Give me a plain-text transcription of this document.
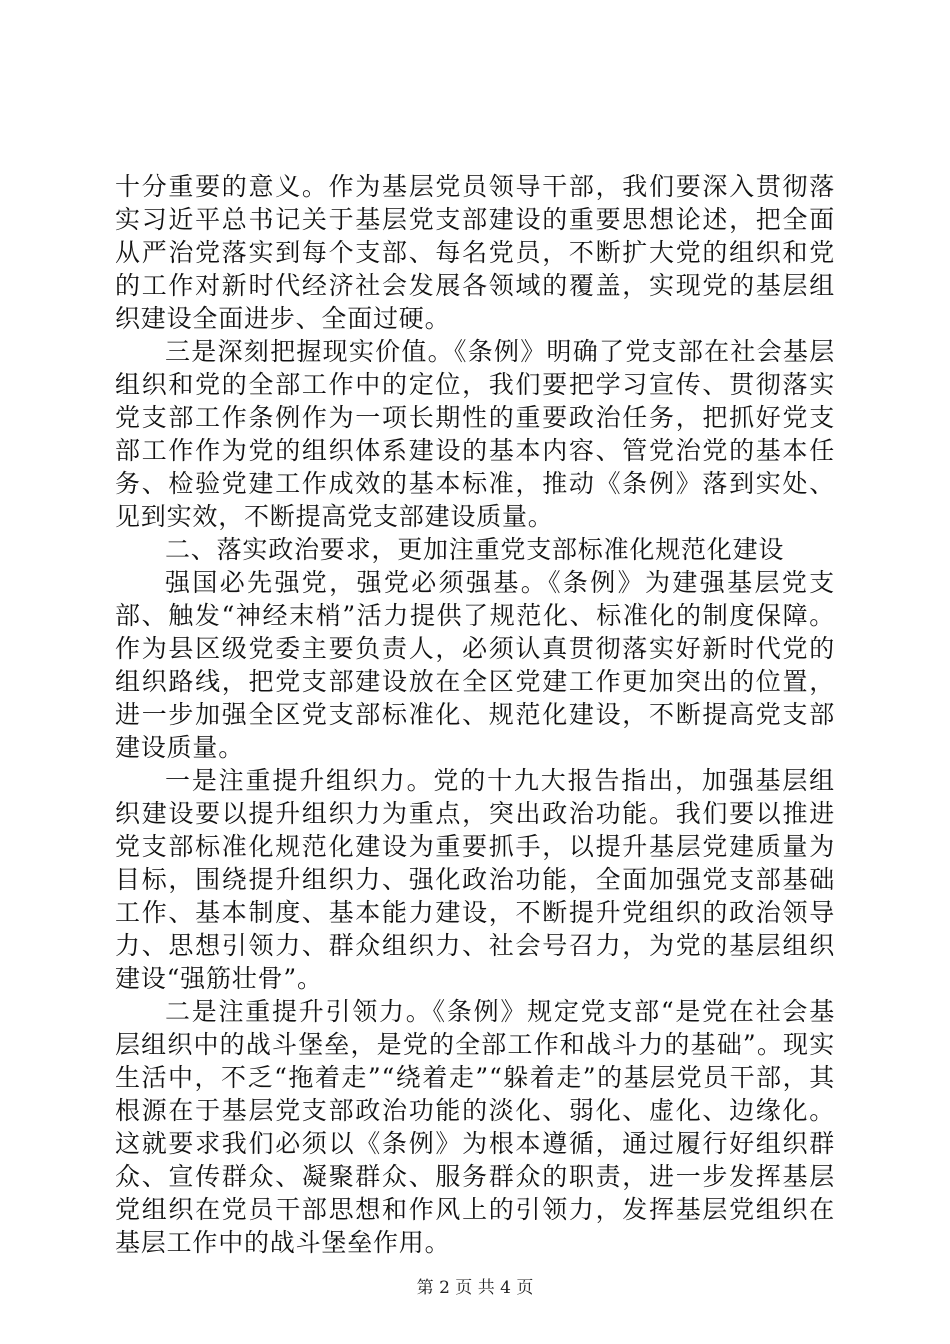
十分重要的意义。作为基层党员领导干部，我们要深入贯彻落实习近平总书记关于基层党支部建设的重要思想论述，把全面从严治党落实到每个支部、每名党员，不断扩大党的组织和党的工作对新时代经济社会发展各领域的覆盖，实现党的基层组织建设全面进步、全面过硬。

三是深刻把握现实价值。《条例》明确了党支部在社会基层组织和党的全部工作中的定位，我们要把学习宣传、贯彻落实党支部工作条例作为一项长期性的重要政治任务，把抓好党支部工作作为党的组织体系建设的基本内容、管党治党的基本任务、检验党建工作成效的基本标准，推动《条例》落到实处、见到实效，不断提高党支部建设质量。

二、落实政治要求，更加注重党支部标准化规范化建设

强国必先强党，强党必须强基。《条例》为建强基层党支部、触发“神经末梢”活力提供了规范化、标准化的制度保障。作为县区级党委主要负责人，必须认真贯彻落实好新时代党的组织路线，把党支部建设放在全区党建工作更加突出的位置，进一步加强全区党支部标准化、规范化建设，不断提高党支部建设质量。

一是注重提升组织力。党的十九大报告指出，加强基层组织建设要以提升组织力为重点，突出政治功能。我们要以推进党支部标准化规范化建设为重要抓手，以提升基层党建质量为目标，围绕提升组织力、强化政治功能，全面加强党支部基础工作、基本制度、基本能力建设，不断提升党组织的政治领导力、思想引领力、群众组织力、社会号召力，为党的基层组织建设“强筋壮骨”。

二是注重提升引领力。《条例》规定党支部“是党在社会基层组织中的战斗堡垒，是党的全部工作和战斗力的基础”。现实生活中，不乏“拖着走”“绕着走”“躲着走”的基层党员干部，其根源在于基层党支部政治功能的淡化、弱化、虚化、边缘化。这就要求我们必须以《条例》为根本遵循，通过履行好组织群众、宣传群众、凝聚群众、服务群众的职责，进一步发挥基层党组织在党员干部思想和作风上的引领力，发挥基层党组织在基层工作中的战斗堡垒作用。

第 2 页 共 4 页
